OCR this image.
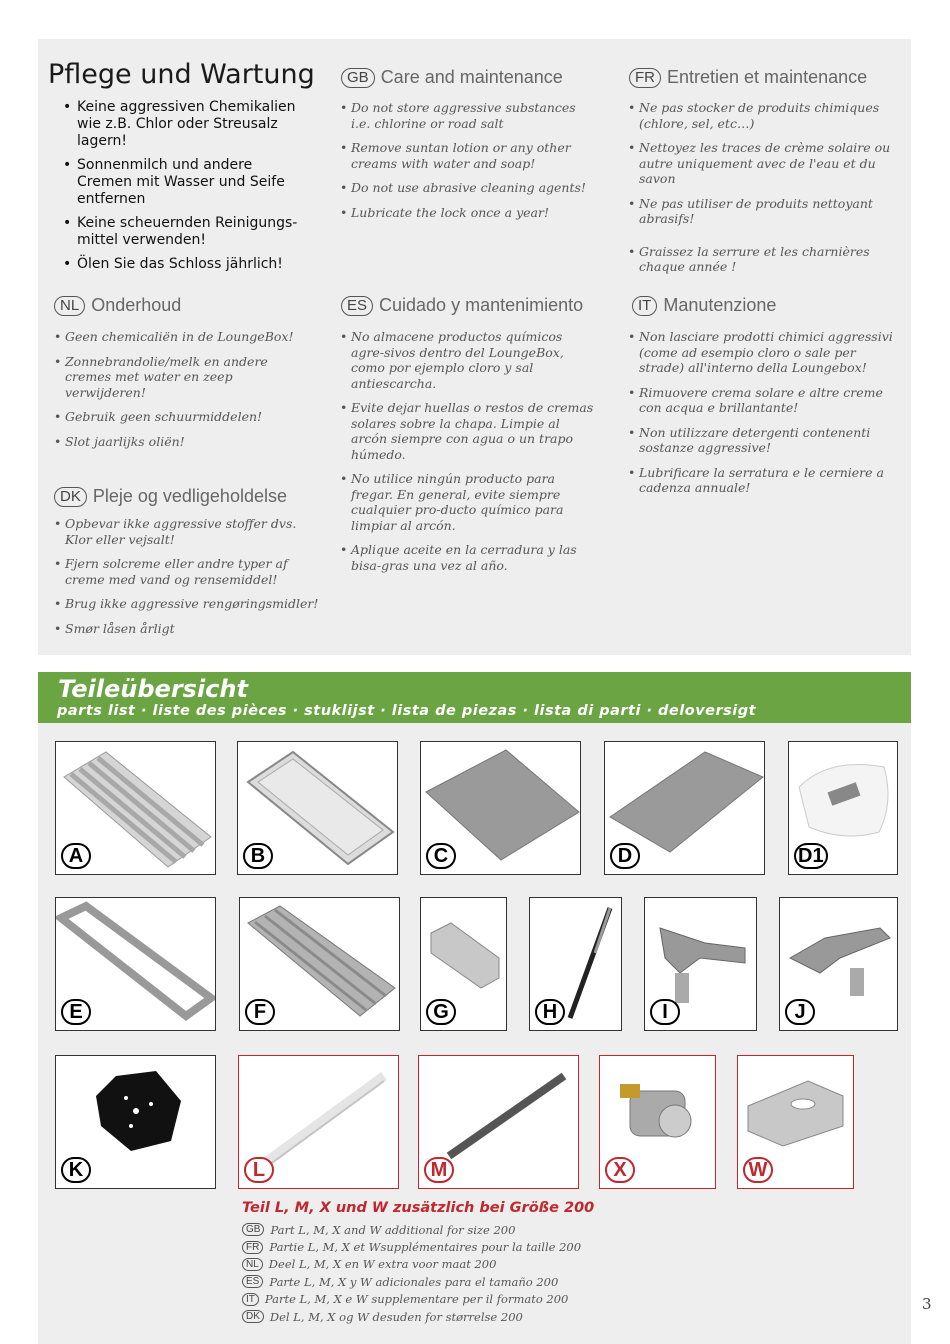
Pflege und Wartung
• Keine aggressiven Chemikalien wie z.B. Chlor oder Streusalz lagern!
• Sonnenmilch und andere Cremen mit Wasser und Seife entfernen
• Keine scheuernden Reinigungs-mittel verwenden!
• Ölen Sie das Schloss jährlich!
GB Care and maintenance
• Do not store aggressive substances i.e. chlorine or road salt
• Remove suntan lotion or any other creams with water and soap!
• Do not use abrasive cleaning agents!
• Lubricate the lock once a year!
FR Entretien et maintenance
• Ne pas stocker de produits chimiques (chlore, sel, etc…)
• Nettoyez les traces de crème solaire ou autre uniquement avec de l'eau et du savon
• Ne pas utiliser de produits nettoyant abrasifs!
• Graissez la serrure et les charnières chaque année !
NL Onderhoud
• Geen chemicaliën in de LoungeBox!
• Zonnebrandolie/melk en andere cremes met water en zeep verwijderen!
• Gebruik geen schuurmiddelen!
• Slot jaarlijks oliën!
ES Cuidado y mantenimiento
• No almacene productos químicos agre-sivos dentro del LoungeBox, como por ejemplo cloro y sal antiescarcha.
• Evite dejar huellas o restos de cremas solares sobre la chapa. Limpie al arcón siempre con agua o un trapo húmedo.
• No utilice ningún producto para fregar. En general, evite siempre cualquier pro-ducto químico para limpiar al arcón.
• Aplique aceite en la cerradura y las bisa-gras una vez al año.
IT Manutenzione
• Non lasciare prodotti chimici aggressivi (come ad esempio cloro o sale per strade) all'interno della Loungebox!
• Rimuovere crema solare e altre creme con acqua e brillantante!
• Non utilizzare detergenti contenenti sostanze aggressive!
• Lubrificare la serratura e le cerniere a cadenza annuale!
DK Pleje og vedligeholdelse
• Opbevar ikke aggressive stoffer dvs. Klor eller vejsalt!
• Fjern solcreme eller andre typer af creme med vand og rensemiddel!
• Brug ikke aggressive rengøringsmidler!
• Smør låsen årligt
Teileübersicht
parts list · liste des pièces · stuklijst · lista de piezas · lista di parti · deloversigt
A	B	C	D	D1
E	F	G	H	I	J
K	L	M	X	W
Teil L, M, X und W zusätzlich bei Größe 200
GB Part L, M, X and W additional for size 200
FR Partie L, M, X et Wsupplémentaires pour la taille 200
NL Deel L, M, X en W extra voor maat 200
ES Parte L, M, X y W adicionales para el tamaño 200
IT Parte L, M, X e W supplementare per il formato 200
DK Del L, M, X og W desuden for størrelse 200
3
